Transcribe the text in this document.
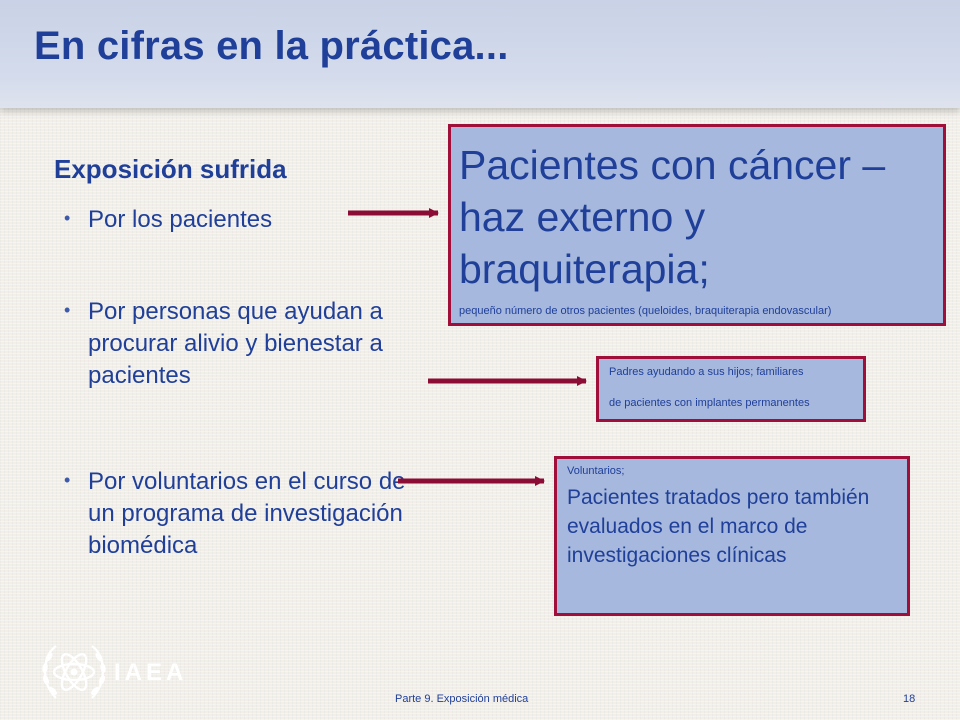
En cifras en la práctica...
Exposición sufrida
• Por los pacientes
• Por personas que ayudan a procurar alivio y bienestar a pacientes
• Por voluntarios en el curso de un programa de investigación biomédica
Pacientes con cáncer – haz externo y braquiterapia;
pequeño número de otros pacientes (queloides, braquiterapia endovascular)
Padres ayudando a sus hijos; familiares
de pacientes con implantes permanentes
Voluntarios;
Pacientes tratados pero también evaluados en el marco de investigaciones clínicas
IAEA
Parte 9. Exposición médica	18
